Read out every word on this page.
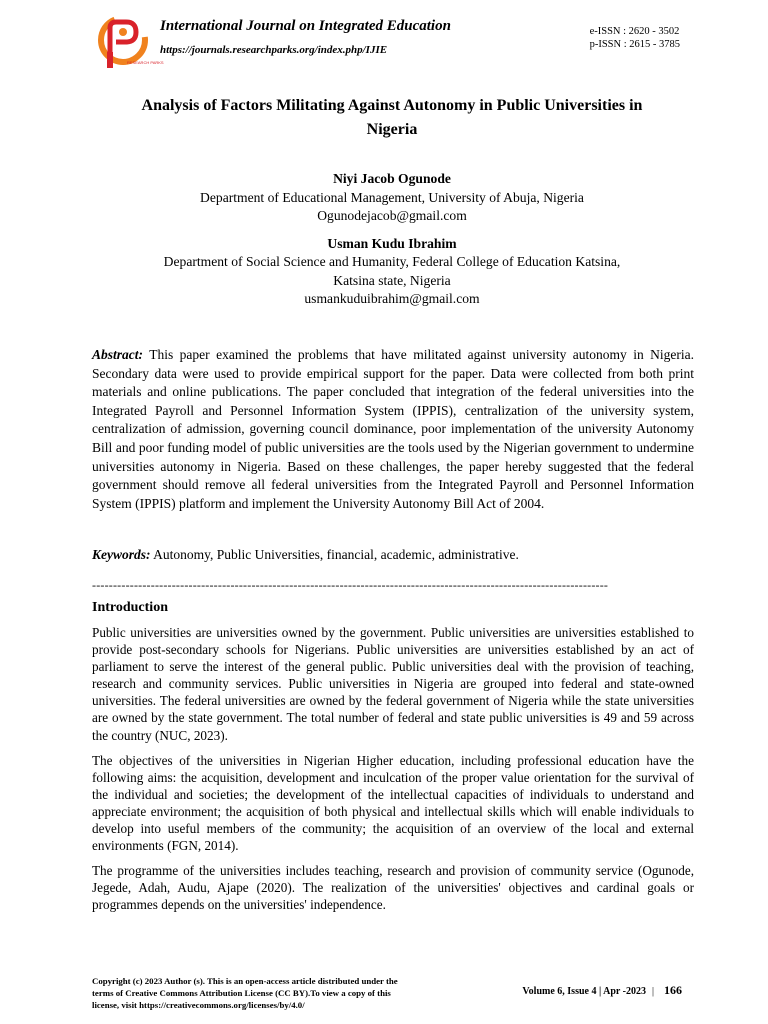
RESEARCH PARKS
International Journal on Integrated Education
https://journals.researchparks.org/index.php/IJIE
e-ISSN : 2620 - 3502
p-ISSN : 2615 - 3785
Analysis of Factors Militating Against Autonomy in Public Universities in
Nigeria
Niyi Jacob Ogunode
Department of Educational Management, University of Abuja, Nigeria
Ogunodejacob@gmail.com
Usman Kudu Ibrahim
Department of Social Science and Humanity, Federal College of Education Katsina,
Katsina state, Nigeria
usmankuduibrahim@gmail.com
Abstract: This paper examined the problems that have militated against university autonomy in Nigeria. Secondary data were used to provide empirical support for the paper. Data were collected from both print materials and online publications. The paper concluded that integration of the federal universities into the Integrated Payroll and Personnel Information System (IPPIS), centralization of the university system, centralization of admission, governing council dominance, poor implementation of the university Autonomy Bill and poor funding model of public universities are the tools used by the Nigerian government to undermine universities autonomy in Nigeria. Based on these challenges, the paper hereby suggested that the federal government should remove all federal universities from the Integrated Payroll and Personnel Information System (IPPIS) platform and implement the University Autonomy Bill Act of 2004.
Keywords: Autonomy, Public Universities, financial, academic, administrative.
---------------------------------------------------------------------------------------------------------------------------
Introduction

Public universities are universities owned by the government. Public universities are universities established to provide post-secondary schools for Nigerians. Public universities are universities established by an act of parliament to serve the interest of the general public. Public universities deal with the provision of teaching, research and community services. Public universities in Nigeria are grouped into federal and state-owned universities. The federal universities are owned by the federal government of Nigeria while the state universities are owned by the state government. The total number of federal and state public universities is 49 and 59 across the country (NUC, 2023).

The objectives of the universities in Nigerian Higher education, including professional education have the following aims: the acquisition, development and inculcation of the proper value orientation for the survival of the individual and societies; the development of the intellectual capacities of individuals to understand and appreciate environment; the acquisition of both physical and intellectual skills which will enable individuals to develop into useful members of the community; the acquisition of an overview of the local and external environments (FGN, 2014).

The programme of the universities includes teaching, research and provision of community service (Ogunode, Jegede, Adah, Audu, Ajape (2020). The realization of the universities' objectives and cardinal goals or programmes depends on the universities' independence.

Copyright (c) 2023 Author (s). This is an open-access article distributed under the
terms of Creative Commons Attribution License (CC BY).To view a copy of this
license, visit https://creativecommons.org/licenses/by/4.0/
Volume 6, Issue 4 | Apr -2023 | 166
